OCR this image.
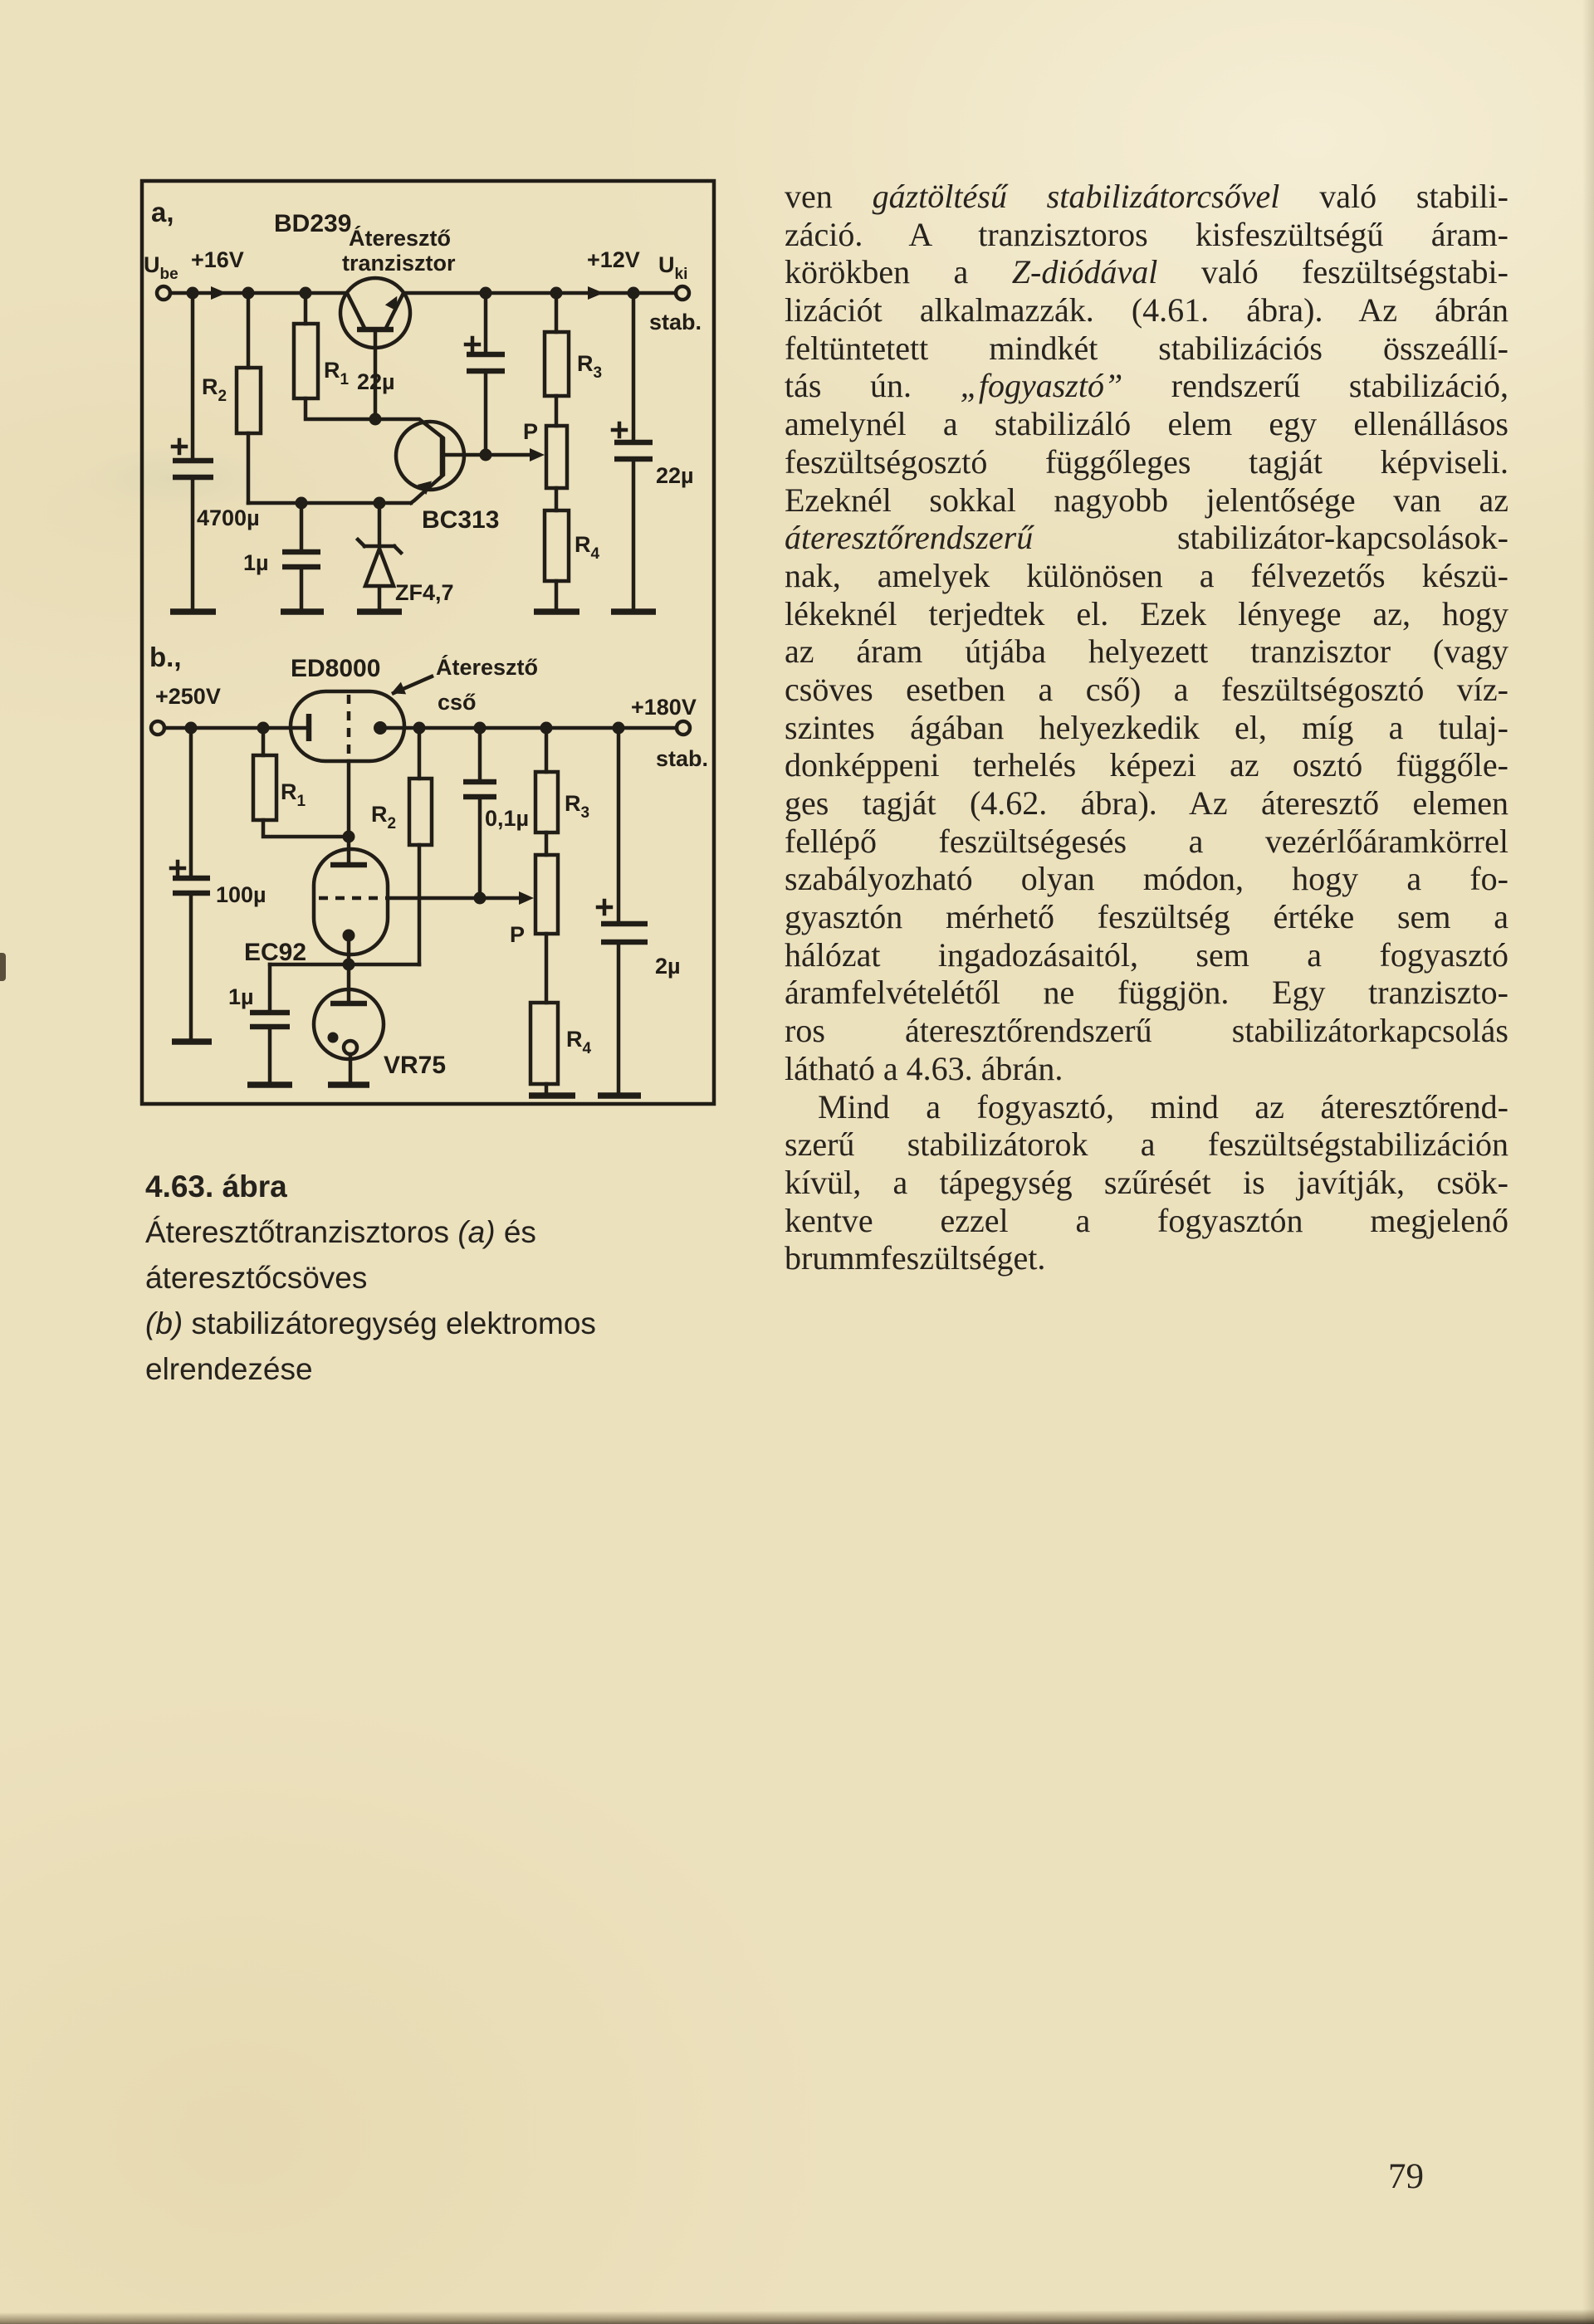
a,	BD239
Áteresztő
tranzisztor
$U_{be}$
+16V	+12V $U_{ki}$
stab.
$R_2$
$R_1$
4700µ
1µ
22µ
ZF4,7
BC313
P
$R_3$
$R_4$
22µ
b.,
+250V
ED8000 Áteresztő
cső	+180V
stab.
100µ
$R_1$
$R_2$	0,1µ
$R_3$
EC92
1µ
P
$R_4$
VR75
2µ
4.63. ábra
Áteresztőtranzisztoros (a) és áteresztőcsöves
(b) stabilizátoregység elektromos elrendezése
ven gáztöltésű stabilizátorcsővel való stabili-
záció. A tranzisztoros kisfeszültségű áram-
körökben a Z-diódával való feszültségstabi-
lizációt alkalmazzák. (4.61. ábra). Az ábrán
feltüntetett mindkét stabilizációs összeállí-
tás ún. „fogyasztó” rendszerű stabilizáció,
amelynél a stabilizáló elem egy ellenállásos
feszültségosztó függőleges tagját képviseli.
Ezeknél sokkal nagyobb jelentősége van az
áteresztőrendszerű stabilizátor-kapcsolások-
nak, amelyek különösen a félvezetős készü-
lékeknél terjedtek el. Ezek lényege az, hogy
az áram útjába helyezett tranzisztor (vagy
csöves esetben a cső) a feszültségosztó víz-
szintes ágában helyezkedik el, míg a tulaj-
donképpeni terhelés képezi az osztó függőle-
ges tagját (4.62. ábra). Az áteresztő elemen
fellépő feszültségesés a vezérlőáramkörrel
szabályozható olyan módon, hogy a fo-
gyasztón mérhető feszültség értéke sem a
hálózat ingadozásaitól, sem a fogyasztó
áramfelvételétől ne függjön. Egy tranziszto-
ros áteresztőrendszerű stabilizátorkapcsolás
látható a 4.63. ábrán.
Mind a fogyasztó, mind az áteresztőrend-
szerű stabilizátorok a feszültségstabilizáción
kívül, a tápegység szűrését is javítják, csök-
kentve ezzel a fogyasztón megjelenő
brummfeszültséget.
79
